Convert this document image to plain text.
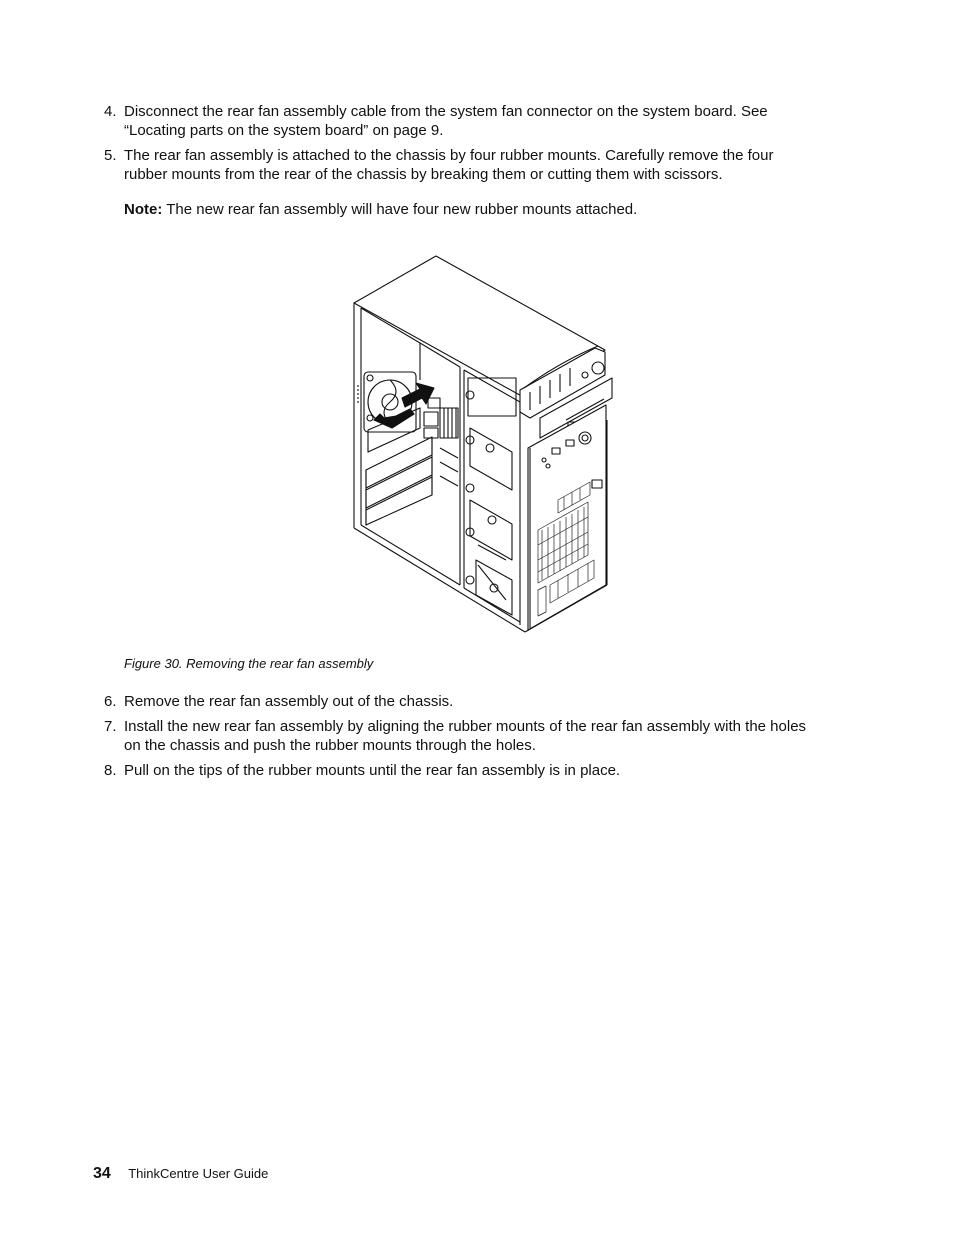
4. Disconnect the rear fan assembly cable from the system fan connector on the system board. See
“Locating parts on the system board” on page 9.
5. The rear fan assembly is attached to the chassis by four rubber mounts. Carefully remove the four
rubber mounts from the rear of the chassis by breaking them or cutting them with scissors.
Note: The new rear fan assembly will have four new rubber mounts attached.
Figure 30. Removing the rear fan assembly
6. Remove the rear fan assembly out of the chassis.
7. Install the new rear fan assembly by aligning the rubber mounts of the rear fan assembly with the holes
on the chassis and push the rubber mounts through the holes.
8. Pull on the tips of the rubber mounts until the rear fan assembly is in place.
34 ThinkCentre User Guide
